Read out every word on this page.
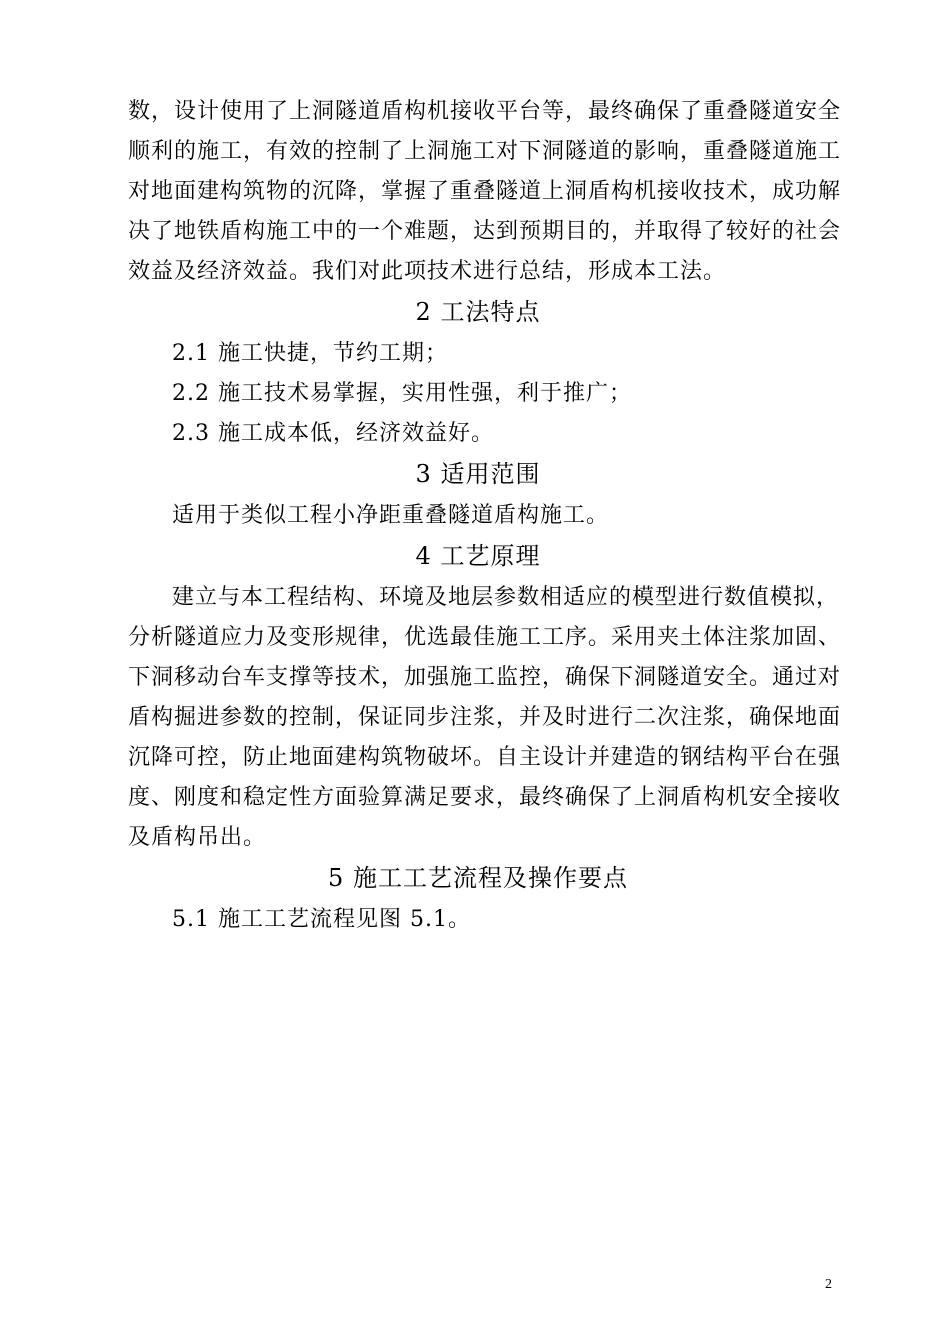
数，设计使用了上洞隧道盾构机接收平台等，最终确保了重叠隧道安全
顺利的施工，有效的控制了上洞施工对下洞隧道的影响，重叠隧道施工
对地面建构筑物的沉降，掌握了重叠隧道上洞盾构机接收技术，成功解
决了地铁盾构施工中的一个难题，达到预期目的，并取得了较好的社会
效益及经济效益。我们对此项技术进行总结，形成本工法。
2 工法特点
2.1 施工快捷，节约工期；
2.2 施工技术易掌握，实用性强，利于推广；
2.3 施工成本低，经济效益好。
3 适用范围
适用于类似工程小净距重叠隧道盾构施工。
4 工艺原理
建立与本工程结构、环境及地层参数相适应的模型进行数值模拟，
分析隧道应力及变形规律，优选最佳施工工序。采用夹土体注浆加固、
下洞移动台车支撑等技术，加强施工监控，确保下洞隧道安全。通过对
盾构掘进参数的控制，保证同步注浆，并及时进行二次注浆，确保地面
沉降可控，防止地面建构筑物破坏。自主设计并建造的钢结构平台在强
度、刚度和稳定性方面验算满足要求，最终确保了上洞盾构机安全接收
及盾构吊出。
5 施工工艺流程及操作要点
5.1 施工工艺流程见图 5.1。
2
